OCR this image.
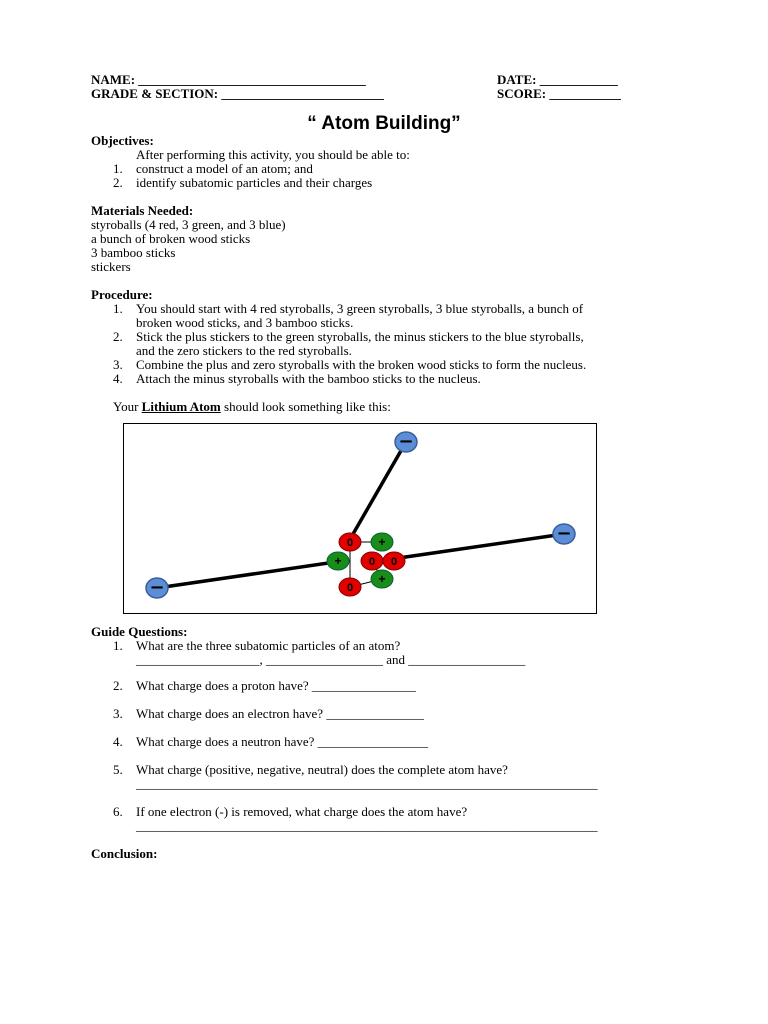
NAME: ___________________________________	DATE: ____________
GRADE & SECTION: _________________________	SCORE: ___________
“ Atom Building”
Objectives:
After performing this activity, you should be able to:
1. construct a model of an atom; and
2. identify subatomic particles and their charges
Materials Needed:
styroballs (4 red, 3 green, and 3 blue)
a bunch of broken wood sticks
3 bamboo sticks
stickers
Procedure:
1. You should start with 4 red styroballs, 3 green styroballs, 3 blue styroballs, a bunch of
broken wood sticks, and 3 bamboo sticks.
2. Stick the plus stickers to the green styroballs, the minus stickers to the blue styroballs,
and the zero stickers to the red styroballs.
3. Combine the plus and zero styroballs with the broken wood sticks to form the nucleus.
4. Attach the minus styroballs with the bamboo sticks to the nucleus.
Your Lithium Atom should look something like this:
−
−
−
0 +
+ 0 0
+
0
Guide Questions:
1. What are the three subatomic particles of an atom?
___________________, __________________ and __________________
2. What charge does a proton have? ________________
3. What charge does an electron have? _______________
4. What charge does a neutron have? _________________
5. What charge (positive, negative, neutral) does the complete atom have?
_______________________________________________________________________
6. If one electron (-) is removed, what charge does the atom have?
_______________________________________________________________________
Conclusion:
